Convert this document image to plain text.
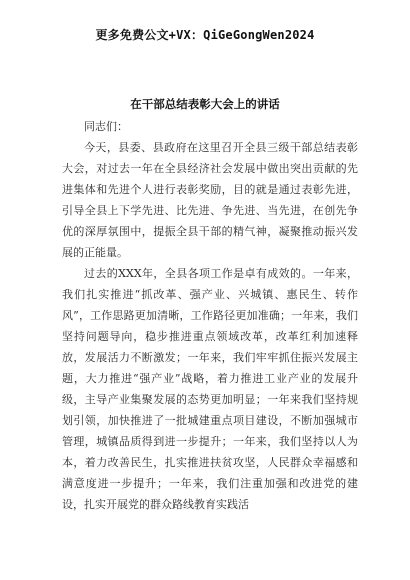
更多免费公文+VX：QiGeGongWen2024
在干部总结表彰大会上的讲话

同志们：

今天，县委、县政府在这里召开全县三级干部总结表彰大会，对过去一年在全县经济社会发展中做出突出贡献的先进集体和先进个人进行表彰奖励，目的就是通过表彰先进，引导全县上下学先进、比先进、争先进、当先进，在创先争优的深厚氛围中，提振全县干部的精气神，凝聚推动振兴发展的正能量。

过去的XXX年，全县各项工作是卓有成效的。一年来，我们扎实推进“抓改革、强产业、兴城镇、惠民生、转作风”，工作思路更加清晰，工作路径更加准确；一年来，我们坚持问题导向，稳步推进重点领域改革，改革红利加速释放，发展活力不断激发；一年来，我们牢牢抓住振兴发展主题，大力推进“强产业”战略，着力推进工业产业的发展升级，主导产业集聚发展的态势更加明显；一年来我们坚持规划引领，加快推进了一批城建重点项目建设，不断加强城市管理，城镇品质得到进一步提升；一年来，我们坚持以人为本，着力改善民生，扎实推进扶贫攻坚，人民群众幸福感和满意度进一步提升；一年来，我们注重加强和改进党的建设，扎实开展党的群众路线教育实践活
